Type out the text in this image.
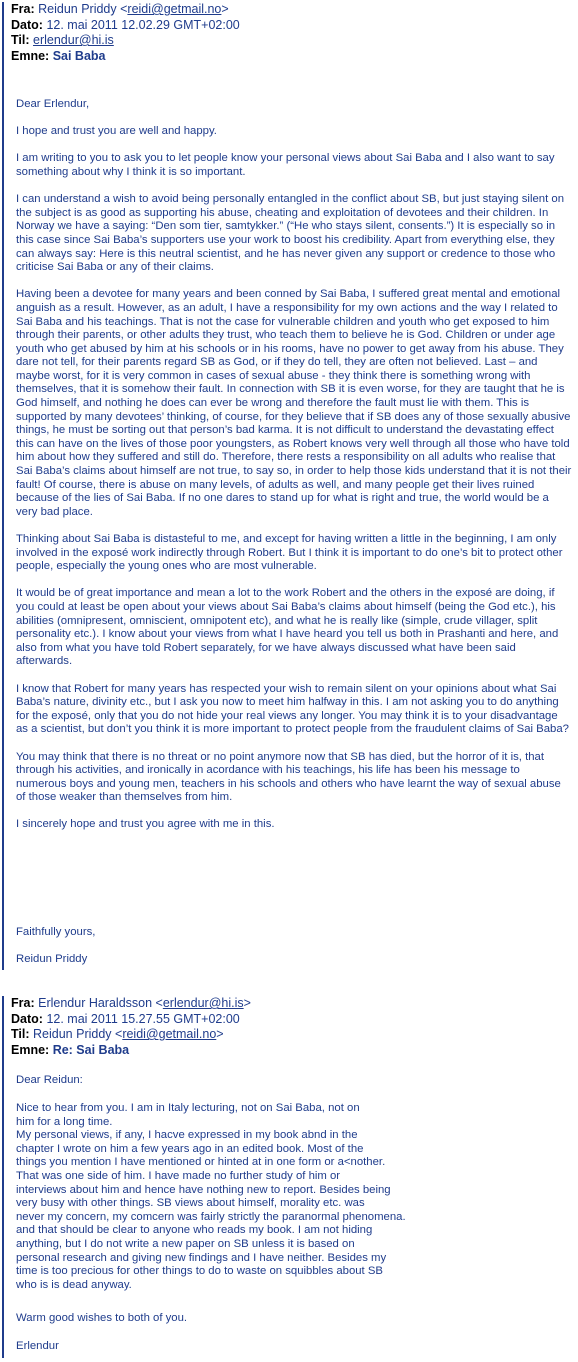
Fra: Reidun Priddy <reidi@getmail.no>
Dato: 12. mai 2011 12.02.29 GMT+02:00
Til: erlendur@hi.is
Emne: Sai Baba

Dear Erlendur,

I hope and trust you are well and happy.

I am writing to you to ask you to let people know your personal views about Sai Baba and I also want to say something about why I think it is so important.

I can understand a wish to avoid being personally entangled in the conflict about SB, but just staying silent on the subject is as good as supporting his abuse, cheating and exploitation of devotees and their children. In Norway we have a saying: “Den som tier, samtykker.” (“He who stays silent, consents.”) It is especially so in this case since Sai Baba’s supporters use your work to boost his credibility. Apart from everything else, they can always say: Here is this neutral scientist, and he has never given any support or credence to those who criticise Sai Baba or any of their claims.

Having been a devotee for many years and been conned by Sai Baba, I suffered great mental and emotional anguish as a result. However, as an adult, I have a responsibility for my own actions and the way I related to Sai Baba and his teachings. That is not the case for vulnerable children and youth who get exposed to him through their parents, or other adults they trust, who teach them to believe he is God. Children or under age youth who get abused by him at his schools or in his rooms, have no power to get away from his abuse. They dare not tell, for their parents regard SB as God, or if they do tell, they are often not believed. Last – and maybe worst, for it is very common in cases of sexual abuse - they think there is something wrong with themselves, that it is somehow their fault. In connection with SB it is even worse, for they are taught that he is God himself, and nothing he does can ever be wrong and therefore the fault must lie with them. This is supported by many devotees’ thinking, of course, for they believe that if SB does any of those sexually abusive things, he must be sorting out that person’s bad karma. It is not difficult to understand the devastating effect this can have on the lives of those poor youngsters, as Robert knows very well through all those who have told him about how they suffered and still do. Therefore, there rests a responsibility on all adults who realise that Sai Baba’s claims about himself are not true, to say so, in order to help those kids understand that it is not their fault! Of course, there is abuse on many levels, of adults as well, and many people get their lives ruined because of the lies of Sai Baba. If no one dares to stand up for what is right and true, the world would be a very bad place.

Thinking about Sai Baba is distasteful to me, and except for having written a little in the beginning, I am only involved in the exposé work indirectly through Robert. But I think it is important to do one’s bit to protect other people, especially the young ones who are most vulnerable.

It would be of great importance and mean a lot to the work Robert and the others in the exposé are doing, if you could at least be open about your views about Sai Baba’s claims about himself (being the God etc.), his abilities (omnipresent, omniscient, omnipotent etc), and what he is really like (simple, crude villager, split personality etc.). I know about your views from what I have heard you tell us both in Prashanti and here, and also from what you have told Robert separately, for we have always discussed what have been said afterwards.

I know that Robert for many years has respected your wish to remain silent on your opinions about what Sai Baba’s nature, divinity etc., but I ask you now to meet him halfway in this. I am not asking you to do anything for the exposé, only that you do not hide your real views any longer. You may think it is to your disadvantage as a scientist, but don’t you think it is more important to protect people from the fraudulent claims of Sai Baba?

You may think that there is no threat or no point anymore now that SB has died, but the horror of it is, that through his activities, and ironically in acordance with his teachings, his life has been his message to numerous boys and young men, teachers in his schools and others who have learnt the way of sexual abuse of those weaker than themselves from him.

I sincerely hope and trust you agree with me in this.

Faithfully yours,
Reidun Priddy
Fra: Erlendur Haraldsson <erlendur@hi.is>
Dato: 12. mai 2011 15.27.55 GMT+02:00
Til: Reidun Priddy <reidi@getmail.no>
Emne: Re: Sai Baba
Dear Reidun:
Nice to hear from you. I am in Italy lecturing, not on Sai Baba, not on
him for a long time.
My personal views, if any, I hacve expressed in my book abnd in the
chapter I wrote on him a few years ago in an edited book. Most of the
things you mention I have mentioned or hinted at in one form or a<nother.
That was one side of him. I have made no further study of him or
interviews about him and hence have nothing new to report. Besides being
very busy with other things. SB views about himself, morality etc. was
never my concern, my comcern was fairly strictly the paranormal phenomena.
and that should be clear to anyone who reads my book. I am not hiding
anything, but I do not write a new paper on SB unless it is based on
personal research and giving new findings and I have neither. Besides my
time is too precious for other things to do to waste on squibbles about SB
who is is dead anyway.
Warm good wishes to both of you.
Erlendur
